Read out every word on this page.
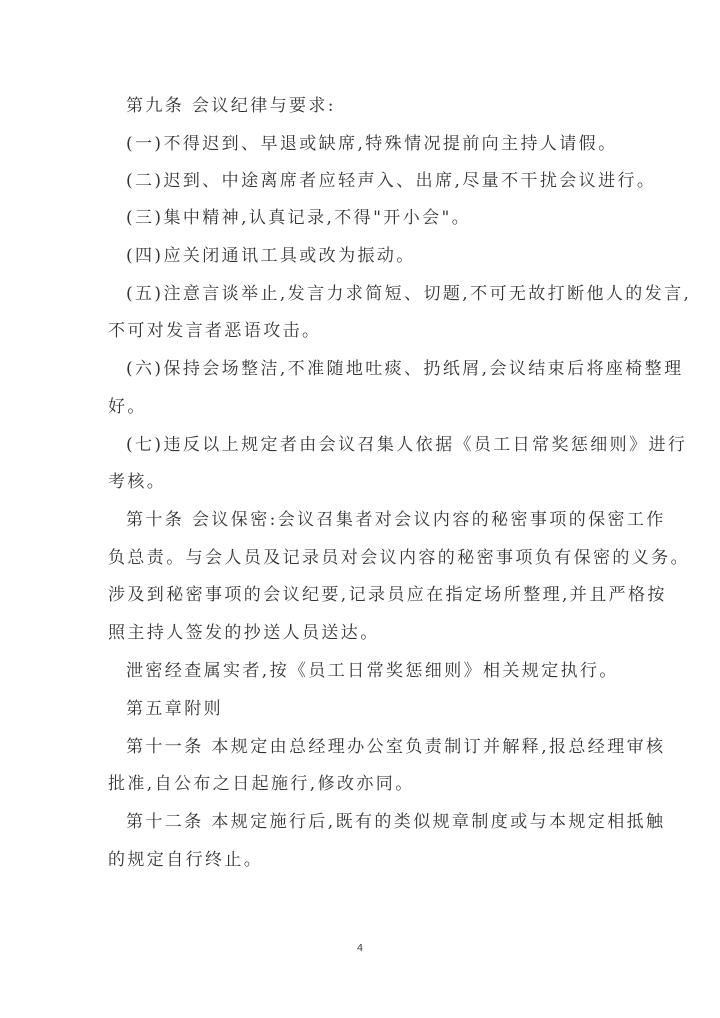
第九条 会议纪律与要求:
(一)不得迟到、早退或缺席,特殊情况提前向主持人请假。
(二)迟到、中途离席者应轻声入、出席,尽量不干扰会议进行。
(三)集中精神,认真记录,不得"开小会"。
(四)应关闭通讯工具或改为振动。
(五)注意言谈举止,发言力求简短、切题,不可无故打断他人的发言,
不可对发言者恶语攻击。
(六)保持会场整洁,不准随地吐痰、扔纸屑,会议结束后将座椅整理
好。
(七)违反以上规定者由会议召集人依据《员工日常奖惩细则》进行
考核。
第十条 会议保密:会议召集者对会议内容的秘密事项的保密工作
负总责。与会人员及记录员对会议内容的秘密事项负有保密的义务。
涉及到秘密事项的会议纪要,记录员应在指定场所整理,并且严格按
照主持人签发的抄送人员送达。
泄密经查属实者,按《员工日常奖惩细则》相关规定执行。
第五章附则
第十一条 本规定由总经理办公室负责制订并解释,报总经理审核
批准,自公布之日起施行,修改亦同。
第十二条 本规定施行后,既有的类似规章制度或与本规定相抵触
的规定自行终止。
4
